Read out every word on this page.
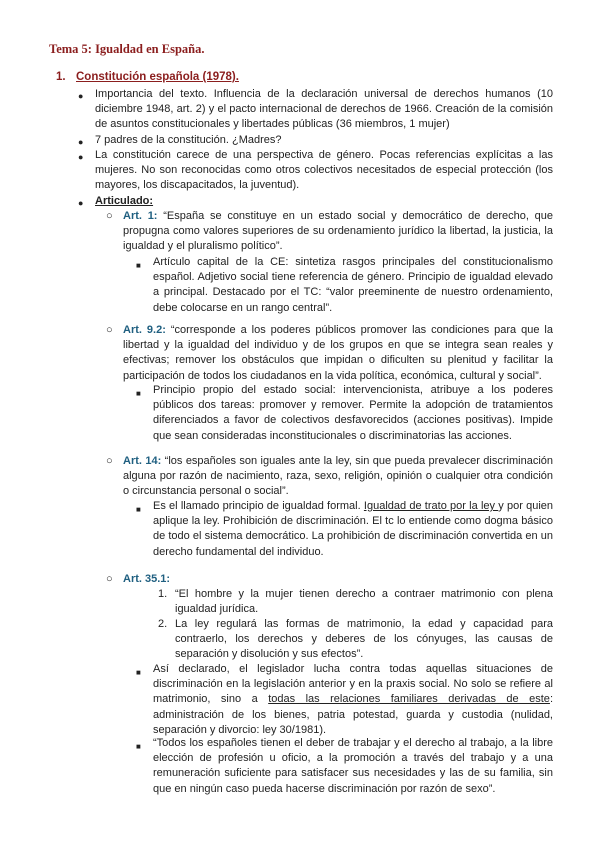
Tema 5: Igualdad en España.
1. Constitución española (1978).
● Importancia del texto. Influencia de la declaración universal de derechos humanos (10 diciembre 1948, art. 2) y el pacto internacional de derechos de 1966. Creación de la comisión de asuntos constitucionales y libertades públicas (36 miembros, 1 mujer)
● 7 padres de la constitución. ¿Madres?
● La constitución carece de una perspectiva de género. Pocas referencias explícitas a las mujeres. No son reconocidas como otros colectivos necesitados de especial protección (los mayores, los discapacitados, la juventud).
● Articulado:
○ Art. 1: “España se constituye en un estado social y democrático de derecho, que propugna como valores superiores de su ordenamiento jurídico la libertad, la justicia, la igualdad y el pluralismo político”.
■ Artículo capital de la CE: sintetiza rasgos principales del constitucionalismo español. Adjetivo social tiene referencia de género. Principio de igualdad elevado a principal. Destacado por el TC: “valor preeminente de nuestro ordenamiento, debe colocarse en un rango central”.
○ Art. 9.2: “corresponde a los poderes públicos promover las condiciones para que la libertad y la igualdad del individuo y de los grupos en que se integra sean reales y efectivas; remover los obstáculos que impidan o dificulten su plenitud y facilitar la participación de todos los ciudadanos en la vida política, económica, cultural y social”.
■ Principio propio del estado social: intervencionista, atribuye a los poderes públicos dos tareas: promover y remover. Permite la adopción de tratamientos diferenciados a favor de colectivos desfavorecidos (acciones positivas). Impide que sean consideradas inconstitucionales o discriminatorias las acciones.
○ Art. 14: “los españoles son iguales ante la ley, sin que pueda prevalecer discriminación alguna por razón de nacimiento, raza, sexo, religión, opinión o cualquier otra condición o circunstancia personal o social”.
■ Es el llamado principio de igualdad formal. Igualdad de trato por la ley y por quien aplique la ley. Prohibición de discriminación. El tc lo entiende como dogma básico de todo el sistema democrático. La prohibición de discriminación convertida en un derecho fundamental del individuo.
○ Art. 35.1:
1. “El hombre y la mujer tienen derecho a contraer matrimonio con plena igualdad jurídica.
2. La ley regulará las formas de matrimonio, la edad y capacidad para contraerlo, los derechos y deberes de los cónyuges, las causas de separación y disolución y sus efectos”.
■ Así declarado, el legislador lucha contra todas aquellas situaciones de discriminación en la legislación anterior y en la praxis social. No solo se refiere al matrimonio, sino a todas las relaciones familiares derivadas de este: administración de los bienes, patria potestad, guarda y custodia (nulidad, separación y divorcio: ley 30/1981).
■ “Todos los españoles tienen el deber de trabajar y el derecho al trabajo, a la libre elección de profesión u oficio, a la promoción a través del trabajo y a una remuneración suficiente para satisfacer sus necesidades y las de su familia, sin que en ningún caso pueda hacerse discriminación por razón de sexo”.
